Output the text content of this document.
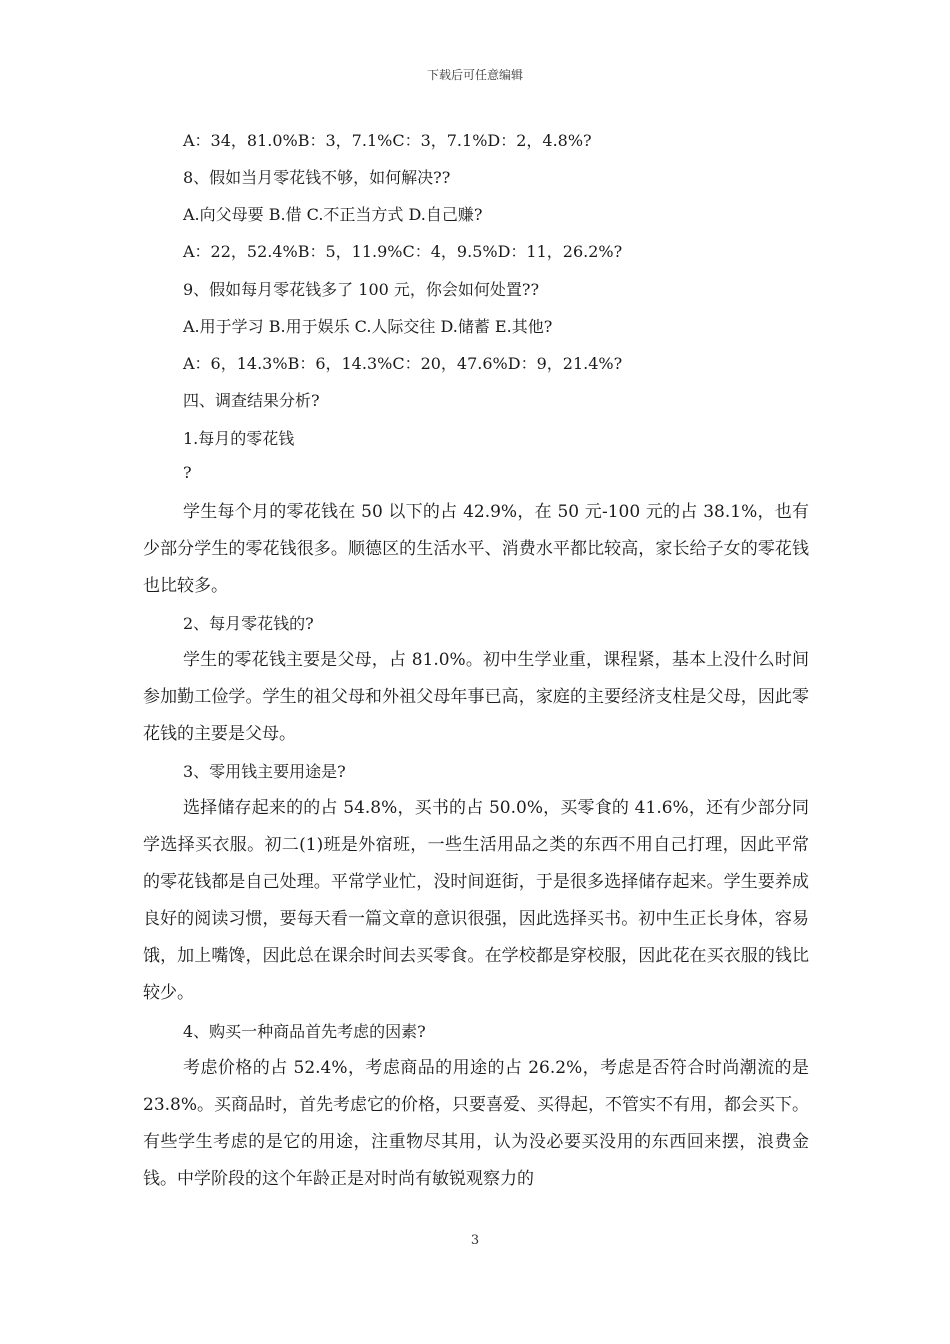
下载后可任意编辑
A：34，81.0%B：3，7.1%C：3，7.1%D：2，4.8%?
8、假如当月零花钱不够，如何解决??
A.向父母要 B.借 C.不正当方式 D.自己赚?
A：22，52.4%B：5，11.9%C：4，9.5%D：11，26.2%?
9、假如每月零花钱多了 100 元，你会如何处置??
A.用于学习 B.用于娱乐 C.人际交往 D.储蓄 E.其他?
A：6，14.3%B：6，14.3%C：20，47.6%D：9，21.4%?
四、调查结果分析?
1.每月的零花钱
?

学生每个月的零花钱在 50 以下的占 42.9%，在 50 元-100 元的占 38.1%，也有少部分学生的零花钱很多。顺德区的生活水平、消费水平都比较高，家长给子女的零花钱也比较多。

2、每月零花钱的?

学生的零花钱主要是父母，占 81.0%。初中生学业重，课程紧，基本上没什么时间参加勤工俭学。学生的祖父母和外祖父母年事已高，家庭的主要经济支柱是父母，因此零花钱的主要是父母。

3、零用钱主要用途是?

选择储存起来的的占 54.8%，买书的占 50.0%，买零食的 41.6%，还有少部分同学选择买衣服。初二(1)班是外宿班，一些生活用品之类的东西不用自己打理，因此平常的零花钱都是自己处理。平常学业忙，没时间逛街，于是很多选择储存起来。学生要养成良好的阅读习惯，要每天看一篇文章的意识很强，因此选择买书。初中生正长身体，容易饿，加上嘴馋，因此总在课余时间去买零食。在学校都是穿校服，因此花在买衣服的钱比较少。

4、购买一种商品首先考虑的因素?

考虑价格的占 52.4%，考虑商品的用途的占 26.2%，考虑是否符合时尚潮流的是 23.8%。买商品时，首先考虑它的价格，只要喜爱、买得起，不管实不有用，都会买下。有些学生考虑的是它的用途，注重物尽其用，认为没必要买没用的东西回来摆，浪费金钱。中学阶段的这个年龄正是对时尚有敏锐观察力的

3
